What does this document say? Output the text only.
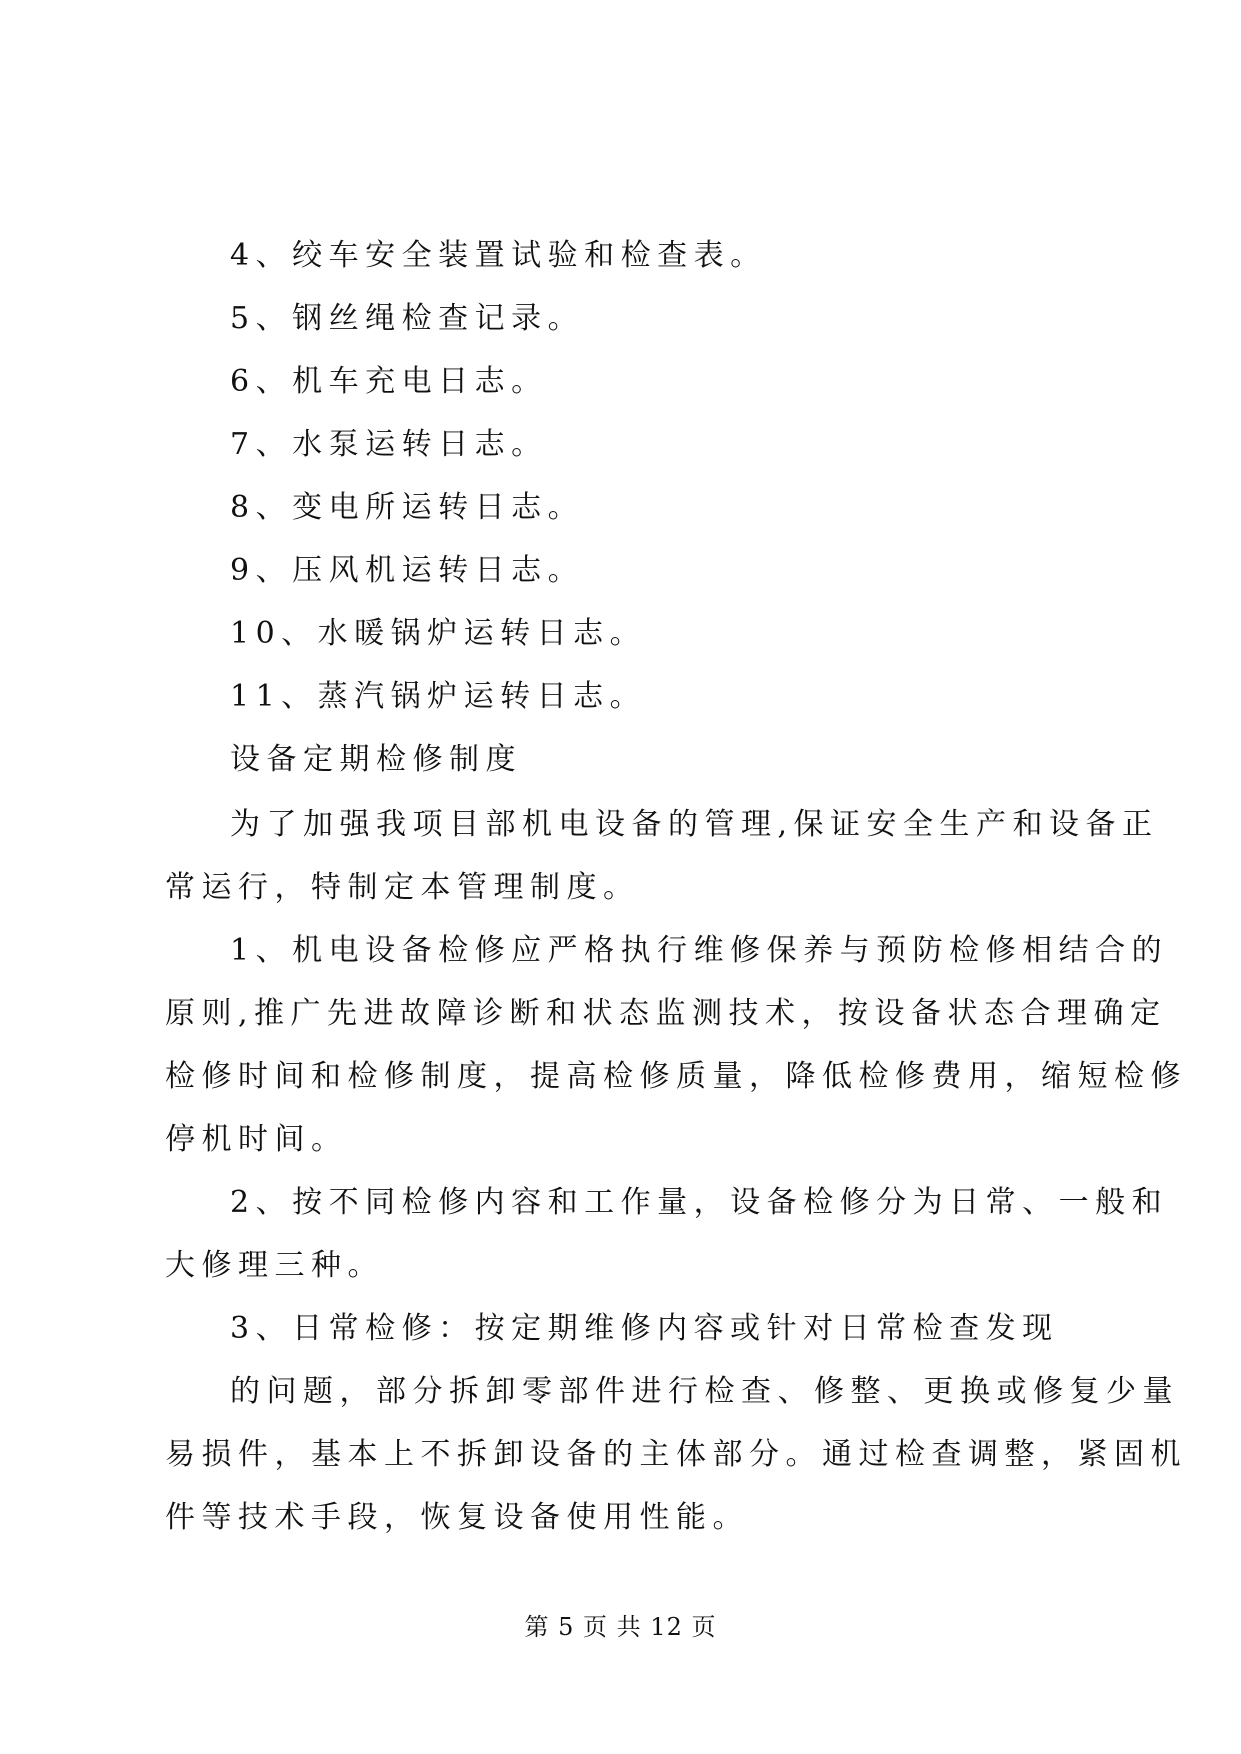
4、绞车安全装置试验和检查表。
5、钢丝绳检查记录。
6、机车充电日志。
7、水泵运转日志。
8、变电所运转日志。
9、压风机运转日志。
10、水暖锅炉运转日志。
11、蒸汽锅炉运转日志。
设备定期检修制度
为了加强我项目部机电设备的管理,保证安全生产和设备正
常运行，特制定本管理制度。
1、机电设备检修应严格执行维修保养与预防检修相结合的
原则,推广先进故障诊断和状态监测技术，按设备状态合理确定
检修时间和检修制度，提高检修质量，降低检修费用，缩短检修
停机时间。
2、按不同检修内容和工作量，设备检修分为日常、一般和
大修理三种。
3、日常检修：按定期维修内容或针对日常检查发现
的问题，部分拆卸零部件进行检查、修整、更换或修复少量
易损件，基本上不拆卸设备的主体部分。通过检查调整，紧固机
件等技术手段，恢复设备使用性能。
第 5 页 共 12 页
